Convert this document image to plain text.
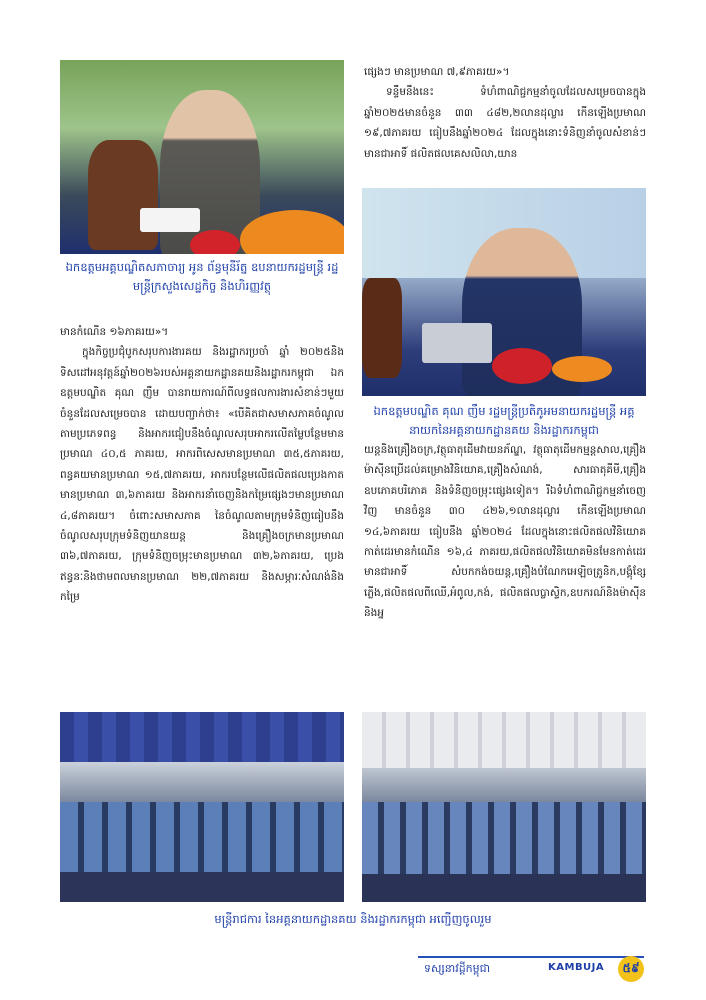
ឯកឧត្តមអគ្គបណ្ឌិតសភាចារ្យ អូន ព័ន្ធមុនីរ័ត្ន ឧបនាយករដ្ឋមន្ត្រី រដ្ឋមន្ត្រីក្រសួងសេដ្ឋកិច្ច និងហិរញ្ញវត្ថុ

ផ្សេងៗ មានប្រមាណ ៧,៩ភាគរយ»។

ទន្ទឹមនឹងនេះ ទំហំពាណិជ្ជកម្មនាំចូលដែលសម្រេចបានក្នុងឆ្នាំ២០២៥មានចំនួន ៣៣ ៤៨២,២លានដុល្លារ កើនឡើងប្រមាណ ១៩,៧ភាគរយ ធៀបនឹងឆ្នាំ២០២៤ ដែលក្នុងនោះទំនិញនាំចូលសំខាន់ៗមានជាអាទិ៍ ផលិតផលគេសលិលា,យាន

ឯកឧត្តមបណ្ឌិត គុណ ញឹម រដ្ឋមន្ត្រីប្រតិភូអមនាយករដ្ឋមន្ត្រី អគ្គនាយកនៃអគ្គនាយកដ្ឋានគយ និងរដ្ឋាករកម្ពុជា

មានកំណើន ១៦ភាគរយ»។

ក្នុងកិច្ចប្រជុំបូកសរុបការងារគយ និងរដ្ឋាករប្រចាំ ឆ្នាំ ២០២៥និងទិសដៅអនុវត្តន៍ឆ្នាំ២០២៦របស់អគ្គនាយកដ្ឋានគយនិងរដ្ឋាករកម្ពុជា ឯកឧត្តមបណ្ឌិត គុណ ញឹម បានរាយការណ៍ពីលទ្ធផលការងារសំខាន់ៗមួយចំនួនដែលសម្រេចបាន ដោយបញ្ជាក់ថា៖ «បើគិតជាសមាសភាគចំណូលតាមប្រភេទពន្ធ និងអាករជៀបនឹងចំណូលសរុបអាករលើតម្លៃបន្ថែមមានប្រមាណ ៤០,៥ ភាគរយ, អាករពិសេសមានប្រមាណ ៣៥,៥ភាគរយ, ពន្ធគយមានប្រមាណ ១៥,៧ភាគរយ, អាករបន្ថែមលើផលិតផលប្រេងកាតមានប្រមាណ ៣,៦ភាគរយ និងអាករនាំចេញនិងកម្រៃផ្សេងៗមានប្រមាណ ៤,៨ភាគរយ។ ចំពោះសមាសភាគ នៃចំណូលតាមក្រុមទំនិញធៀបនឹងចំណូលសរុបក្រុមទំនិញយានយន្ត និងគ្រឿងចក្រមានប្រមាណ ៣៦,៧ភាគរយ, ក្រុមទំនិញចម្រុះមានប្រមាណ ៣២,៦ភាគរយ, ប្រេងឥន្ធនៈនិងថាមពលមានប្រមាណ ២២,៧ភាគរយ និងសម្ភារៈសំណង់និងកម្រៃ

យន្តនិងគ្រឿងចក្រ,វត្ថុធាតុដើមវាយនភ័ណ្ឌ, វត្ថុធាតុដើមកម្មន្តសាល,គ្រឿងម៉ាស៊ីនប្រើដល់គម្រោងវិនិយោគ,គ្រឿងសំណង់, សារធាតុគីមី,គ្រឿងឧបភោគបរិភោគ និងទំនិញចម្រុះផ្សេងទៀត។ រីឯទំហំពាណិជ្ជកម្មនាំចេញវិញ មានចំនួន ៣០ ៤២៦,១លានដុល្លារ កើនឡើងប្រមាណ ១៤,៦ភាគរយ ធៀបនឹង ឆ្នាំ២០២៤ ដែលក្នុងនោះផលិតផលវិនិយោគកាត់ដេរមានកំណើន ១៦,៤ ភាគរយ,ផលិតផលវិនិយោគមិនមែនកាត់ដេរមានជាអាទិ៍ សំបកកង់ចយន្ត,គ្រឿងបំណែកអេឡិចត្រូនិក,បង្គុំខ្សែភ្លើង,ផលិតផលពីឈើ,អំពូល,កង់, ផលិតផលប្លាស្ទិក,ឧបករណ៍និងម៉ាស៊ីននិងអ្ន

មន្ត្រីរាជការ នៃអគ្គនាយកដ្ឋានគយ និងរដ្ឋាករកម្ពុជា អញ្ជើញចូលរួម
ទស្សនាវដ្តីកម្ពុជា	KAMBUJA	៥៩
